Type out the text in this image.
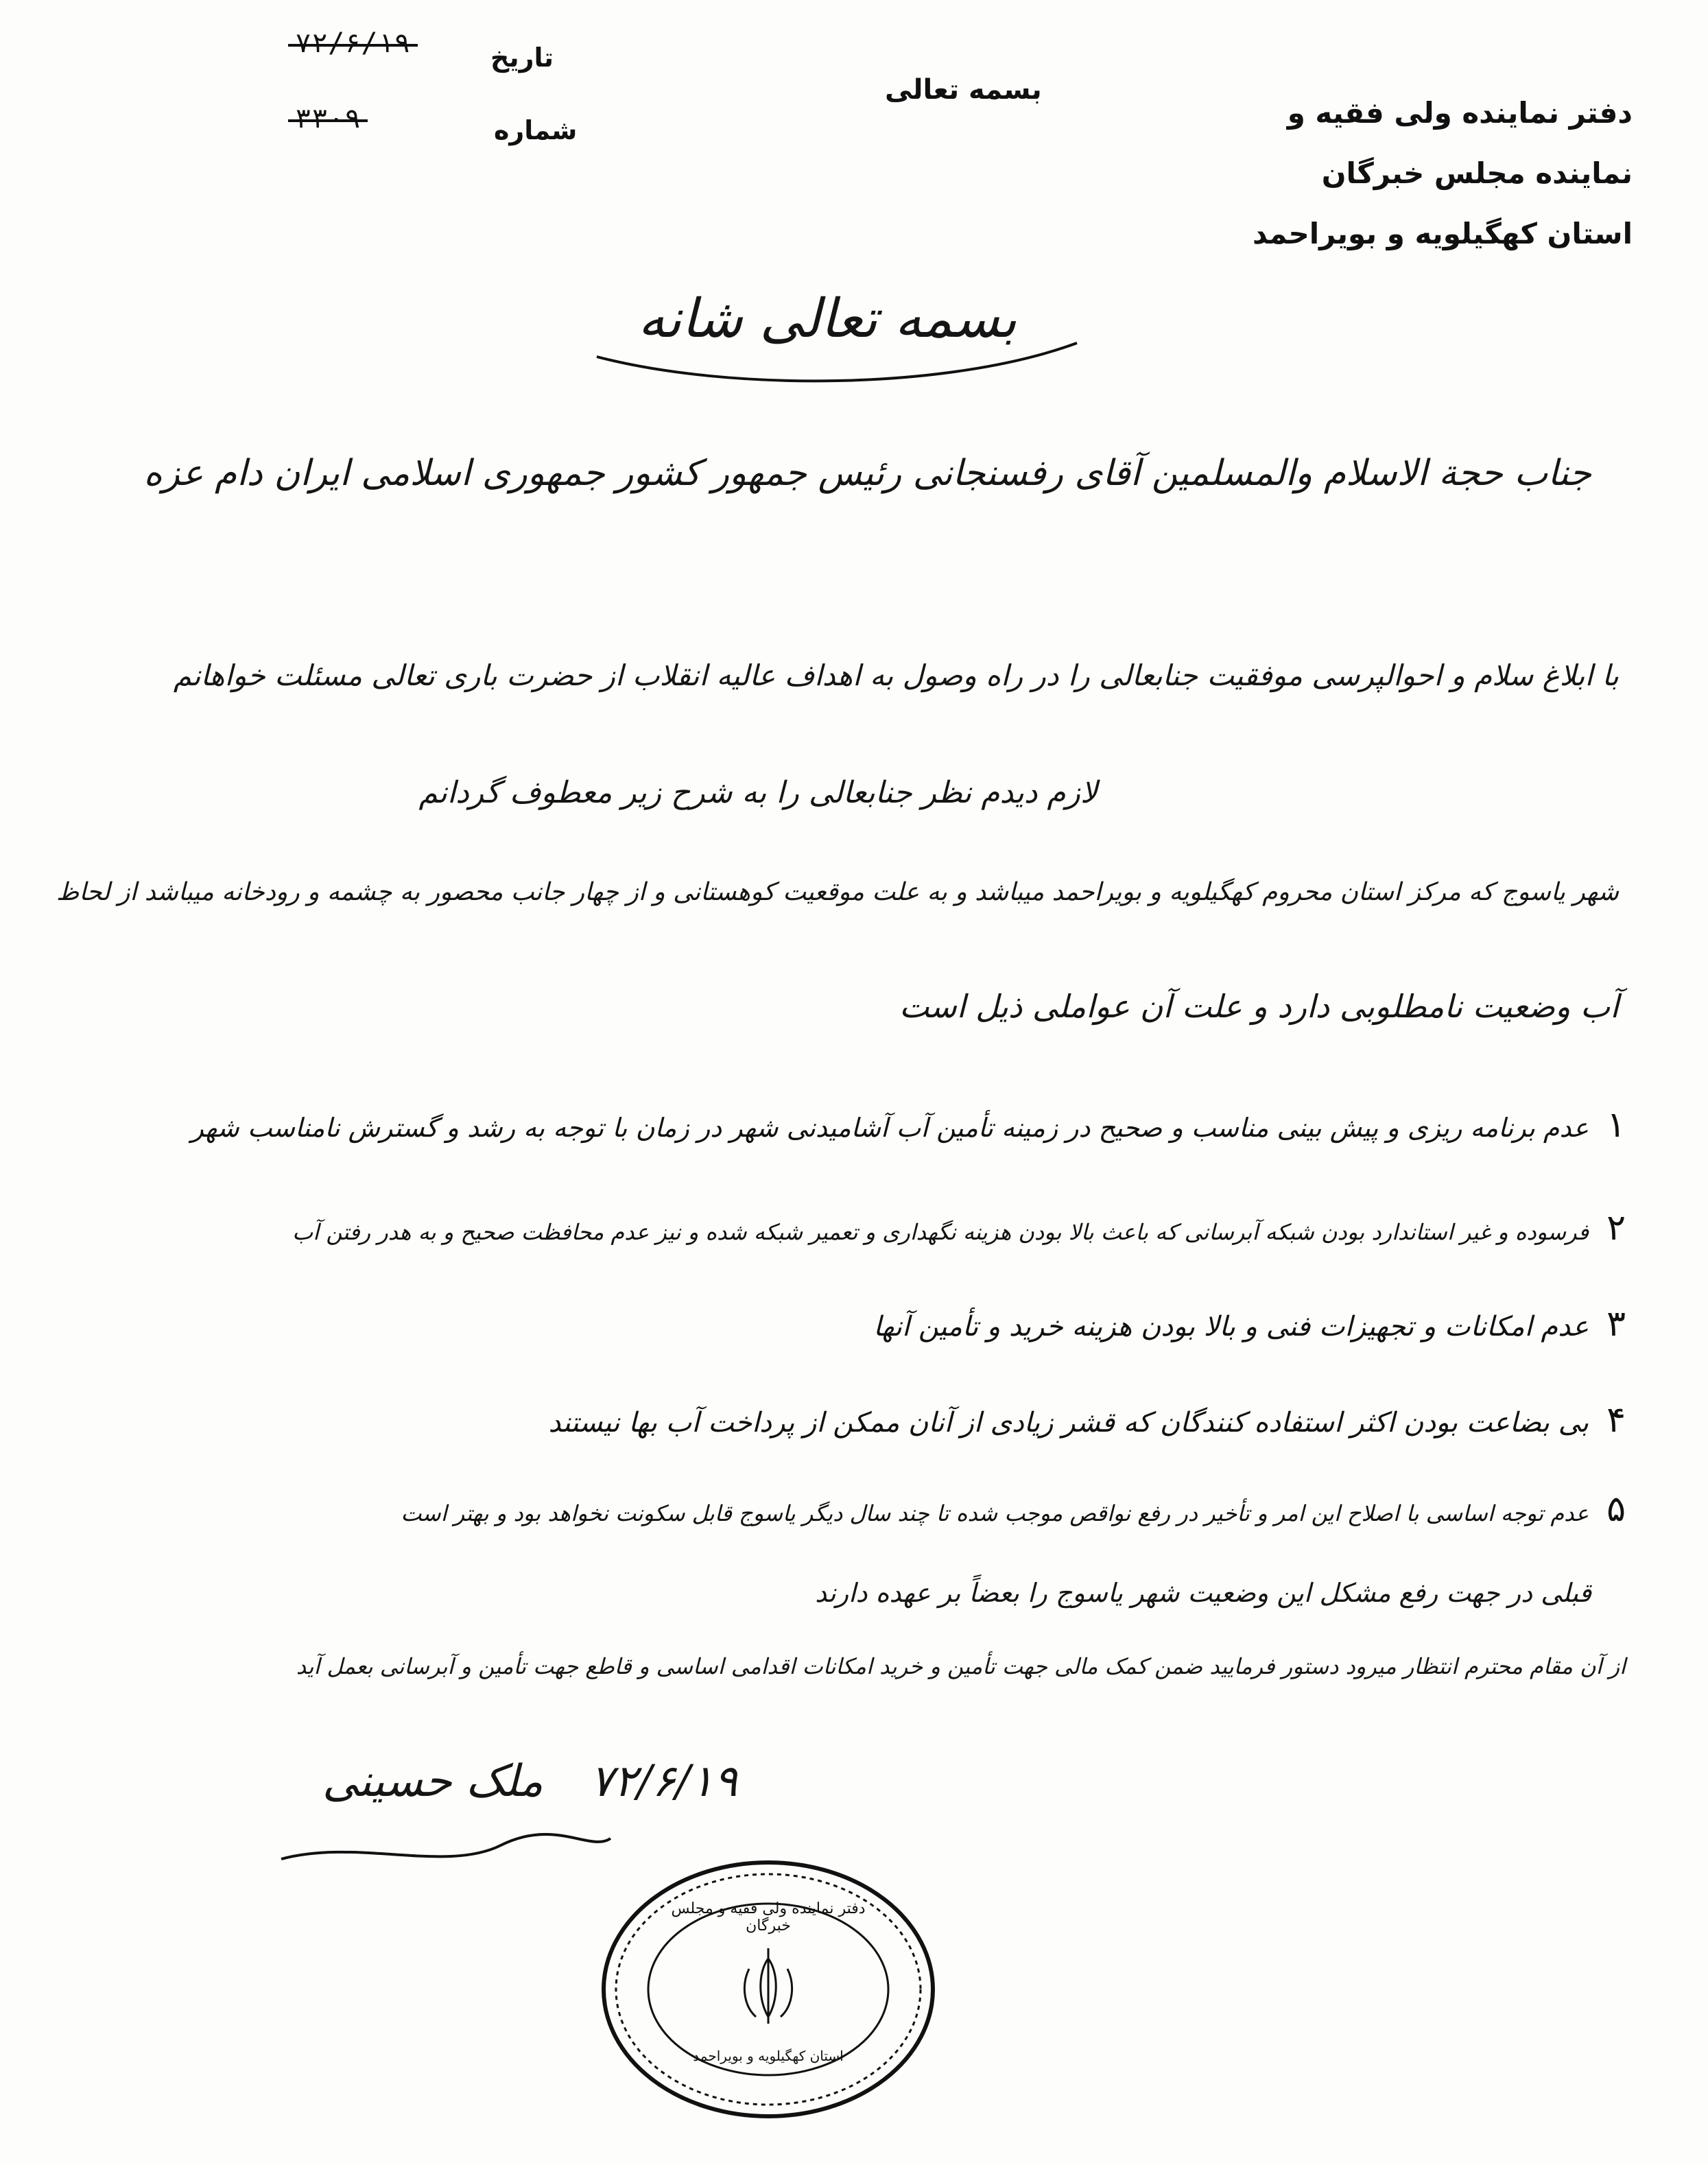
دفتر نماینده ولی فقیه و
نماینده مجلس خبرگان
استان کهگیلویه و بویراحمد
بسمه تعالی
تاریخ
۷۲/۶/۱۹
شماره
۳۳۰۹
بسمه تعالی شانه
جناب حجة الاسلام والمسلمین آقای رفسنجانی رئیس جمهور کشور جمهوری اسلامی ایران دام عزه
با ابلاغ سلام و احوالپرسی موفقیت جنابعالی را در راه وصول به اهداف عالیه انقلاب از حضرت باری تعالی مسئلت خواهانم
لازم دیدم نظر جنابعالی را به شرح زیر معطوف گردانم
شهر یاسوج که مرکز استان محروم کهگیلویه و بویراحمد میباشد و به علت موقعیت کوهستانی و از چهار جانب محصور به چشمه و رودخانه میباشد از لحاظ
آب وضعیت نامطلوبی دارد و علت آن عواملی ذیل است
۱عدم برنامه ریزی و پیش بینی مناسب و صحیح در زمینه تأمین آب آشامیدنی شهر در زمان با توجه به رشد و گسترش نامناسب شهر
۲فرسوده و غیر استاندارد بودن شبکه آبرسانی که باعث بالا بودن هزینه نگهداری و تعمیر شبکه شده و نیز عدم محافظت صحیح و به هدر رفتن آب
۳عدم امکانات و تجهیزات فنی و بالا بودن هزینه خرید و تأمین آنها
۴بی بضاعت بودن اکثر استفاده کنندگان که قشر زیادی از آنان ممکن از پرداخت آب بها نیستند
۵عدم توجه اساسی با اصلاح این امر و تأخیر در رفع نواقص موجب شده تا چند سال دیگر یاسوج قابل سکونت نخواهد بود و بهتر است
قبلی در جهت رفع مشکل این وضعیت شهر یاسوج را بعضاً بر عهده دارند
از آن مقام محترم انتظار میرود دستور فرمایید ضمن کمک مالی جهت تأمین و خرید امکانات اقدامی اساسی و قاطع جهت تأمین و آبرسانی بعمل آید
۷۲/۶/۱۹
ملک حسینی
دفتر نماینده ولی فقیه و مجلس خبرگان
استان کهگیلویه و بویراحمد
